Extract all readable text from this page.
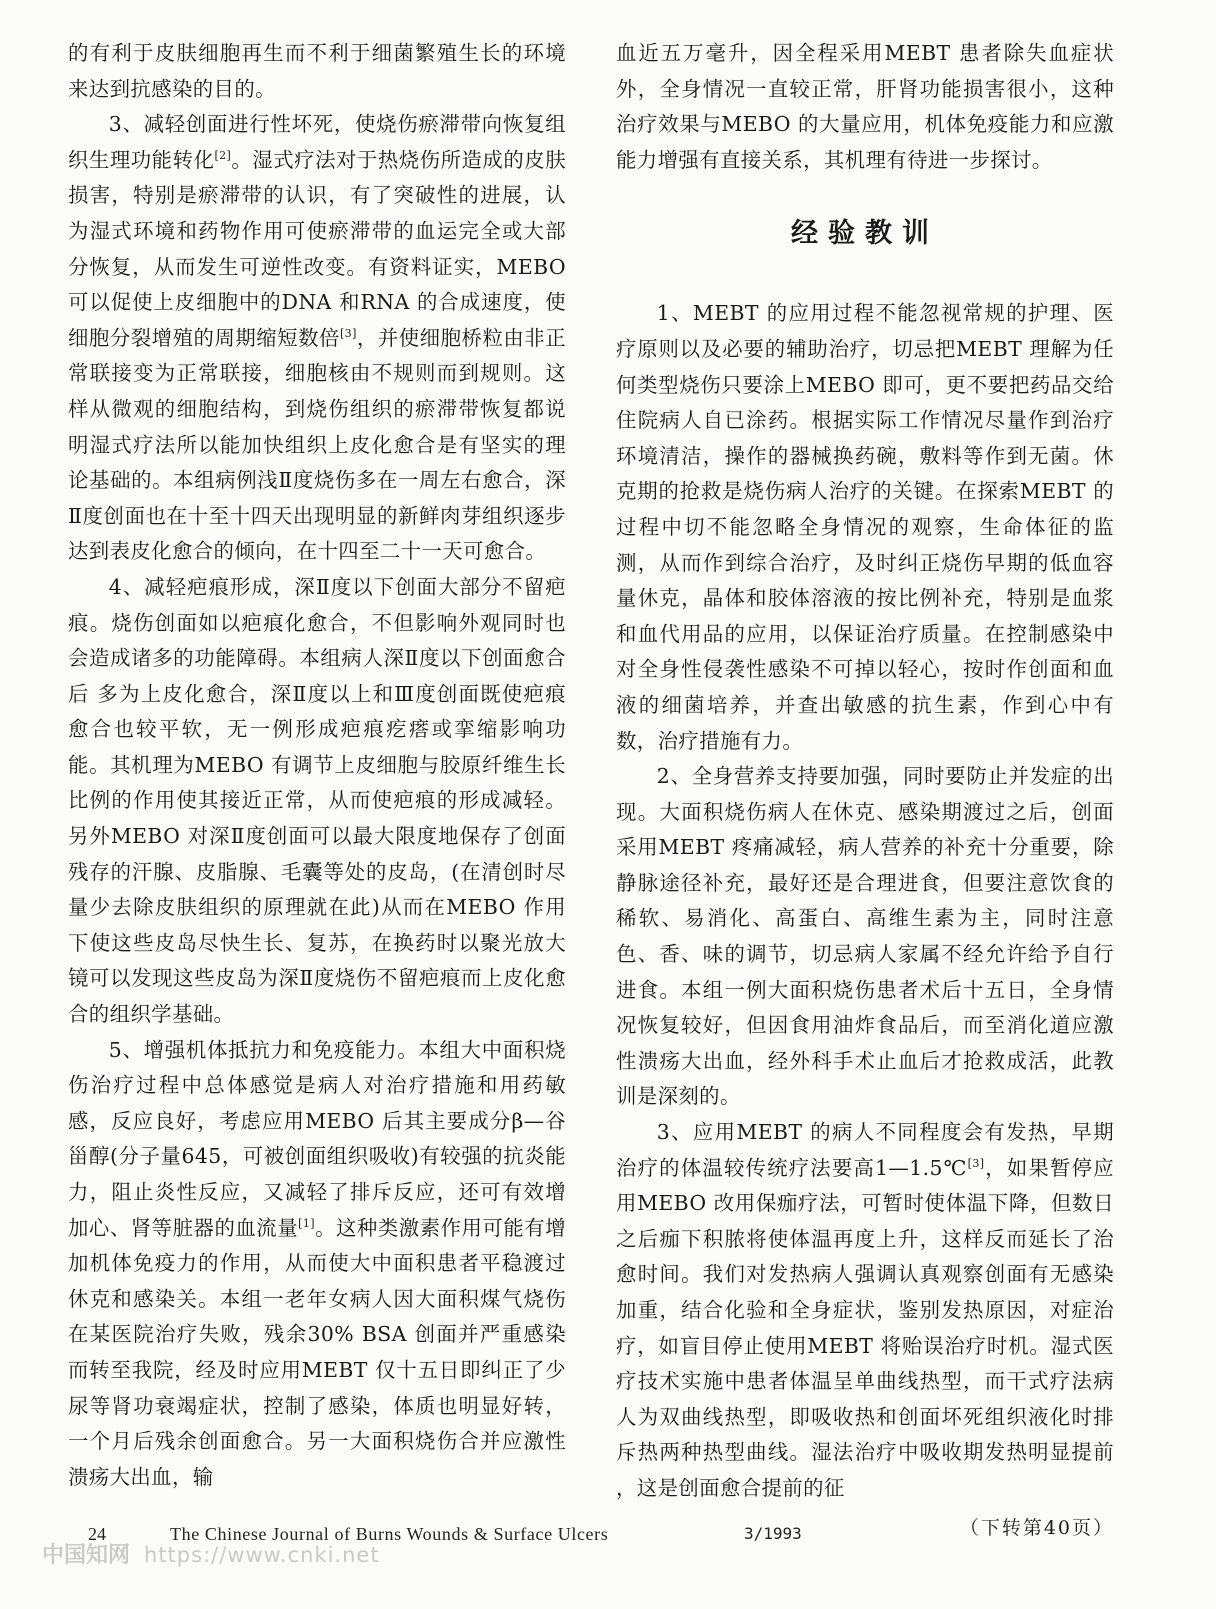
的有利于皮肤细胞再生而不利于细菌繁殖生长的环境来达到抗感染的目的。

3、减轻创面进行性坏死，使烧伤瘀滞带向恢复组织生理功能转化[2]。湿式疗法对于热烧伤所造成的皮肤损害，特别是瘀滞带的认识，有了突破性的进展，认为湿式环境和药物作用可使瘀滞带的血运完全或大部分恢复，从而发生可逆性改变。有资料证实，MEBO 可以促使上皮细胞中的DNA 和RNA 的合成速度，使细胞分裂增殖的周期缩短数倍[3]，并使细胞桥粒由非正常联接变为正常联接，细胞核由不规则而到规则。这样从微观的细胞结构，到烧伤组织的瘀滞带恢复都说明湿式疗法所以能加快组织上皮化愈合是有坚实的理论基础的。本组病例浅Ⅱ度烧伤多在一周左右愈合，深Ⅱ度创面也在十至十四天出现明显的新鲜肉芽组织逐步达到表皮化愈合的倾向，在十四至二十一天可愈合。

4、减轻疤痕形成，深Ⅱ度以下创面大部分不留疤痕。烧伤创面如以疤痕化愈合，不但影响外观同时也会造成诸多的功能障碍。本组病人深Ⅱ度以下创面愈合后 多为上皮化愈合，深Ⅱ度以上和Ⅲ度创面既使疤痕愈合也较平软，无一例形成疤痕疙瘩或挛缩影响功能。其机理为MEBO 有调节上皮细胞与胶原纤维生长比例的作用使其接近正常，从而使疤痕的形成减轻。另外MEBO 对深Ⅱ度创面可以最大限度地保存了创面残存的汗腺、皮脂腺、毛囊等处的皮岛，(在清创时尽量少去除皮肤组织的原理就在此)从而在MEBO 作用下使这些皮岛尽快生长、复苏，在换药时以聚光放大镜可以发现这些皮岛为深Ⅱ度烧伤不留疤痕而上皮化愈合的组织学基础。

5、增强机体抵抗力和免疫能力。本组大中面积烧伤治疗过程中总体感觉是病人对治疗措施和用药敏感，反应良好，考虑应用MEBO 后其主要成分β—谷甾醇(分子量645，可被创面组织吸收)有较强的抗炎能力，阻止炎性反应，又减轻了排斥反应，还可有效增加心、肾等脏器的血流量[1]。这种类激素作用可能有增加机体免疫力的作用，从而使大中面积患者平稳渡过休克和感染关。本组一老年女病人因大面积煤气烧伤在某医院治疗失败，残余30% BSA 创面并严重感染而转至我院，经及时应用MEBT 仅十五日即纠正了少尿等肾功衰竭症状，控制了感染，体质也明显好转，一个月后残余创面愈合。另一大面积烧伤合并应激性溃疡大出血，输

血近五万毫升，因全程采用MEBT 患者除失血症状外，全身情况一直较正常，肝肾功能损害很小，这种治疗效果与MEBO 的大量应用，机体免疫能力和应激能力增强有直接关系，其机理有待进一步探讨。

经验教训

1、MEBT 的应用过程不能忽视常规的护理、医疗原则以及必要的辅助治疗，切忌把MEBT 理解为任何类型烧伤只要涂上MEBO 即可，更不要把药品交给住院病人自已涂药。根据实际工作情况尽量作到治疗环境清洁，操作的器械换药碗，敷料等作到无菌。休克期的抢救是烧伤病人治疗的关键。在探索MEBT 的过程中切不能忽略全身情况的观察，生命体征的监测，从而作到综合治疗，及时纠正烧伤早期的低血容量休克，晶体和胶体溶液的按比例补充，特别是血浆和血代用品的应用，以保证治疗质量。在控制感染中对全身性侵袭性感染不可掉以轻心，按时作创面和血液的细菌培养，并查出敏感的抗生素，作到心中有数，治疗措施有力。

2、全身营养支持要加强，同时要防止并发症的出现。大面积烧伤病人在休克、感染期渡过之后，创面采用MEBT 疼痛减轻，病人营养的补充十分重要，除静脉途径补充，最好还是合理进食，但要注意饮食的稀软、易消化、高蛋白、高维生素为主，同时注意色、香、味的调节，切忌病人家属不经允许给予自行进食。本组一例大面积烧伤患者术后十五日，全身情况恢复较好，但因食用油炸食品后，而至消化道应激性溃疡大出血，经外科手术止血后才抢救成活，此教训是深刻的。

3、应用MEBT 的病人不同程度会有发热，早期治疗的体温较传统疗法要高1—1.5℃[3]，如果暂停应用MEBO 改用保痂疗法，可暂时使体温下降，但数日之后痂下积脓将使体温再度上升，这样反而延长了治愈时间。我们对发热病人强调认真观察创面有无感染加重，结合化验和全身症状，鉴别发热原因，对症治疗，如盲目停止使用MEBT 将贻误治疗时机。湿式医疗技术实施中患者体温呈单曲线热型，而干式疗法病人为双曲线热型，即吸收热和创面坏死组织液化时排斥热两种热型曲线。湿法治疗中吸收期发热明显提前 ，这是创面愈合提前的征

（下转第40页）
24	The Chinese Journal of Burns Wounds & Surface Ulcers	3/1993
中国知网 https://www.cnki.net
